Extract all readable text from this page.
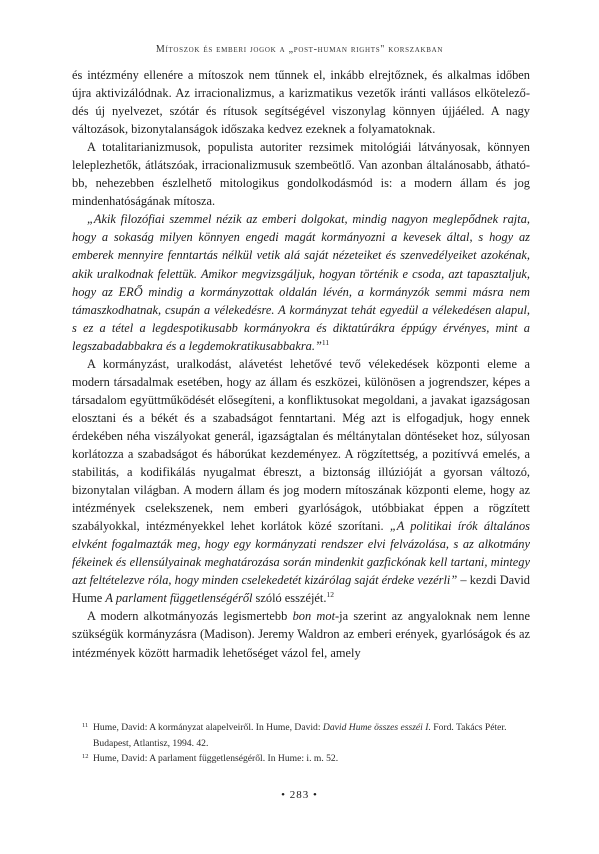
Mítoszok és emberi jogok a „post-human rights" korszakban

és intézmény ellenére a mítoszok nem tűnnek el, inkább elrejtőznek, és alkalmas időben újra aktivizálódnak. Az irracionalizmus, a karizmatikus vezetők iránti vallásos elköteleződés új nyelvezet, szótár és rítusok segítségével viszonylag könnyen újjáéled. A nagy változások, bizonytalanságok időszaka kedvez ezeknek a folyamatoknak.

A totalitarianizmusok, populista autoriter rezsimek mitológiái látványosak, könnyen leleplezhetők, átlátszóak, irracionalizmusuk szembeötlő. Van azonban általánosabb, áthatóbb, nehezebben észlelhető mitologikus gondolkodásmód is: a modern állam és jog mindenhatóságának mítosza.

„Akik filozófiai szemmel nézik az emberi dolgokat, mindig nagyon meglepődnek rajta, hogy a sokaság milyen könnyen engedi magát kormányozni a kevesek által, s hogy az emberek mennyire fenntartás nélkül vetik alá saját nézeteiket és szenvedélyeiket azokénak, akik uralkodnak felettük. Amikor megvizsgáljuk, hogyan történik e csoda, azt tapasztaljuk, hogy az ERŐ mindig a kormányzottak oldalán lévén, a kormányzók semmi másra nem támaszkodhatnak, csupán a vélekedésre. A kormányzat tehát egyedül a vélekedésen alapul, s ez a tétel a legdespotikusabb kormányokra és diktatúrákra éppúgy érvényes, mint a legszabadabbakra és a legdemokratikusabbakra.”$^{11}$

A kormányzást, uralkodást, alávetést lehetővé tevő vélekedések központi eleme a modern társadalmak esetében, hogy az állam és eszközei, különösen a jogrendszer, képes a társadalom együttműködését elősegíteni, a konfliktusokat megoldani, a javakat igazságosan elosztani és a békét és a szabadságot fenntartani. Még azt is elfogadjuk, hogy ennek érdekében néha viszályokat generál, igazságtalan és méltánytalan döntéseket hoz, súlyosan korlátozza a szabadságot és háborúkat kezdeményez. A rögzítettség, a pozitívvá emelés, a stabilitás, a kodifikálás nyugalmat ébreszt, a biztonság illúzióját a gyorsan változó, bizonytalan világban. A modern állam és jog modern mítoszának központi eleme, hogy az intézmények cselekszenek, nem emberi gyarlóságok, utóbbiakat éppen a rögzített szabályokkal, intézményekkel lehet korlátok közé szorítani. „A politikai írók általános elvként fogalmazták meg, hogy egy kormányzati rendszer elvi felvázolása, s az alkotmány fékeinek és ellensúlyainak meghatározása során mindenkit gazfickónak kell tartani, mintegy azt feltételezve róla, hogy minden cselekedetét kizárólag saját érdeke vezérli” – kezdi David Hume A parlament függetlenségéről szóló esszéjét.$^{12}$

A modern alkotmányozás legismertebb bon mot-ja szerint az angyaloknak nem lenne szükségük kormányzásra (Madison). Jeremy Waldron az emberi erények, gyarlóságok és az intézmények között harmadik lehetőséget vázol fel, amely

11 Hume, David: A kormányzat alapelveiről. In Hume, David: David Hume összes esszéi I. Ford. Takács Péter. Budapest, Atlantisz, 1994. 42.
12 Hume, David: A parlament függetlenségéről. In Hume: i. m. 52.
• 283 •
